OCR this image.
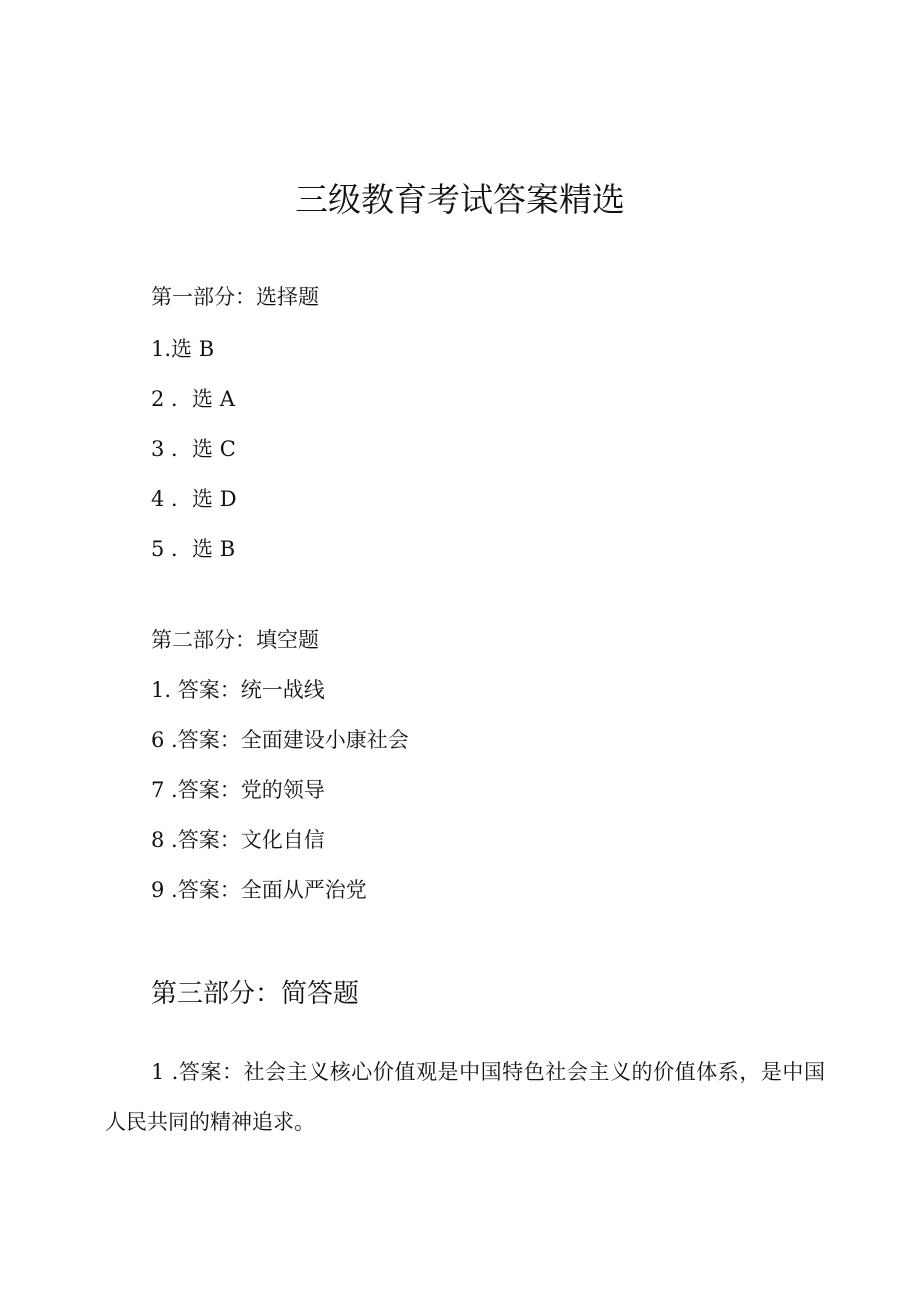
三级教育考试答案精选
第一部分：选择题
1.选 B
2 ．选 A
3 ．选 C
4 ．选 D
5 ．选 B
第二部分：填空题
1. 答案：统一战线
6 .答案：全面建设小康社会
7 .答案：党的领导
8 .答案：文化自信
9 .答案：全面从严治党
第三部分：简答题
1 .答案：社会主义核心价值观是中国特色社会主义的价值体系，是中国人民共同的精神追求。
